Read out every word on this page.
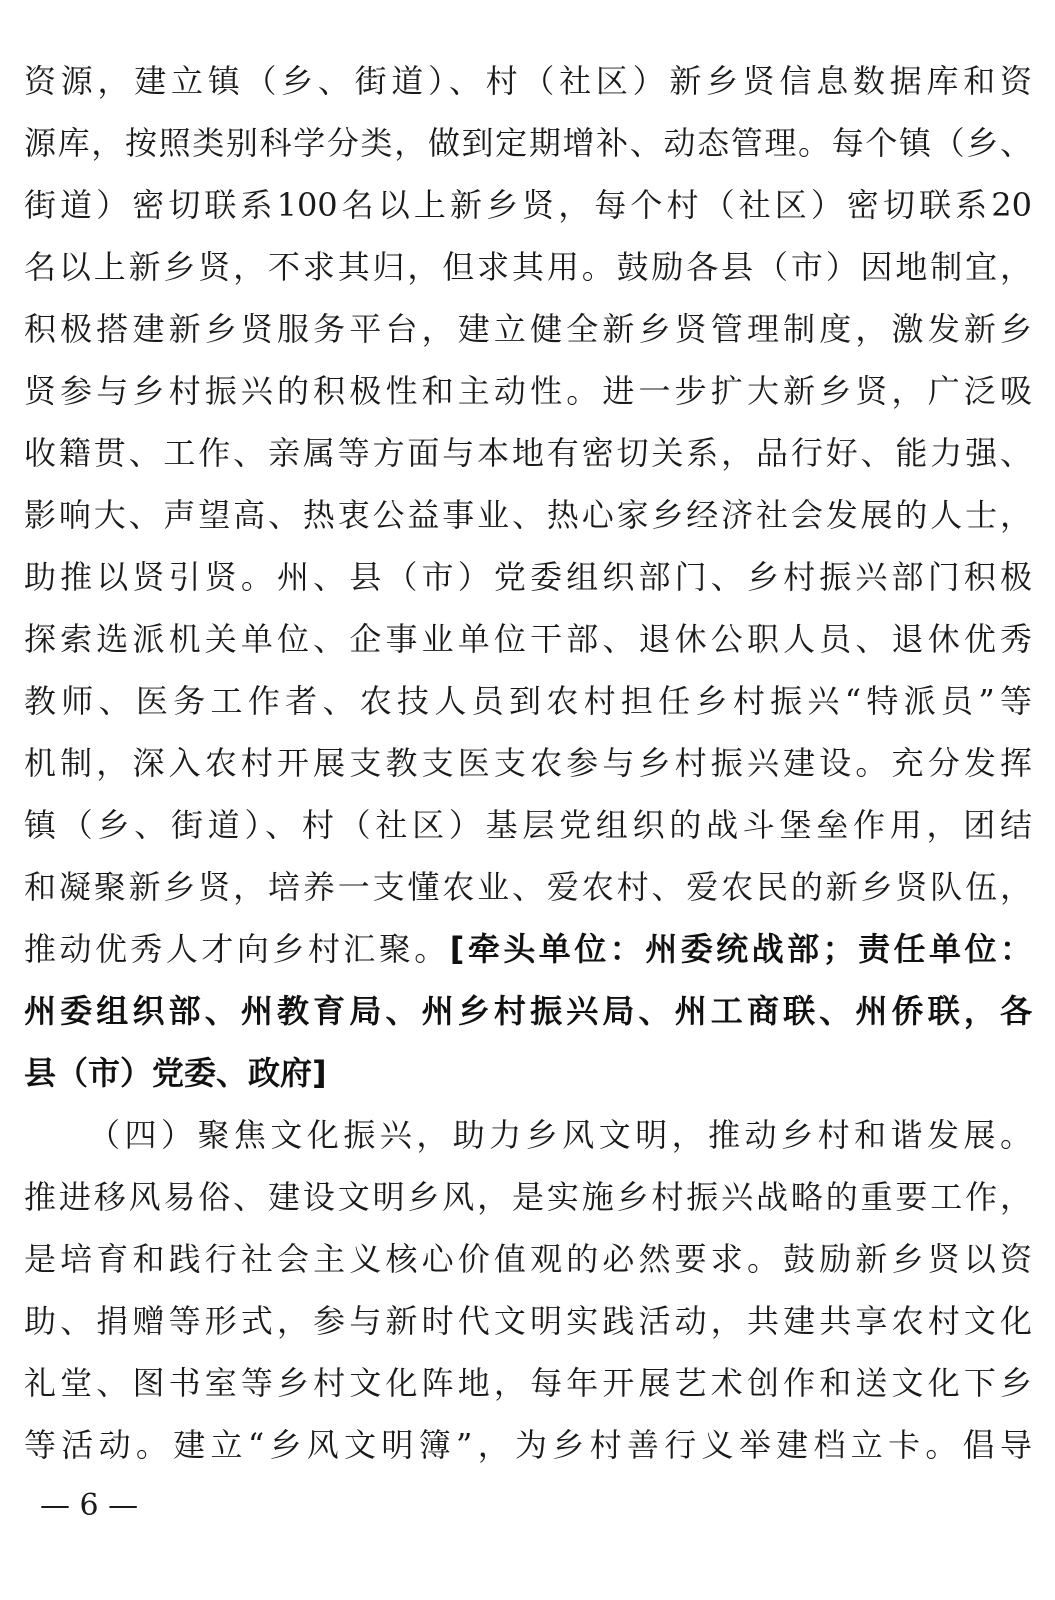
资源，建立镇（乡、街道）、村（社区）新乡贤信息数据库和资
源库，按照类别科学分类，做到定期增补、动态管理。每个镇（乡、
街道）密切联系100名以上新乡贤，每个村（社区）密切联系20
名以上新乡贤，不求其归，但求其用。鼓励各县（市）因地制宜，
积极搭建新乡贤服务平台，建立健全新乡贤管理制度，激发新乡
贤参与乡村振兴的积极性和主动性。进一步扩大新乡贤，广泛吸
收籍贯、工作、亲属等方面与本地有密切关系，品行好、能力强、
影响大、声望高、热衷公益事业、热心家乡经济社会发展的人士，
助推以贤引贤。州、县（市）党委组织部门、乡村振兴部门积极
探索选派机关单位、企事业单位干部、退休公职人员、退休优秀
教师、医务工作者、农技人员到农村担任乡村振兴“特派员”等
机制，深入农村开展支教支医支农参与乡村振兴建设。充分发挥
镇（乡、街道）、村（社区）基层党组织的战斗堡垒作用，团结
和凝聚新乡贤，培养一支懂农业、爱农村、爱农民的新乡贤队伍，
推动优秀人才向乡村汇聚。[牵头单位：州委统战部；责任单位：
州委组织部、州教育局、州乡村振兴局、州工商联、州侨联，各
县（市）党委、政府]
（四）聚焦文化振兴，助力乡风文明，推动乡村和谐发展。
推进移风易俗、建设文明乡风，是实施乡村振兴战略的重要工作，
是培育和践行社会主义核心价值观的必然要求。鼓励新乡贤以资
助、捐赠等形式，参与新时代文明实践活动，共建共享农村文化
礼堂、图书室等乡村文化阵地，每年开展艺术创作和送文化下乡
等活动。建立“乡风文明簿”，为乡村善行义举建档立卡。倡导
— 6 —
